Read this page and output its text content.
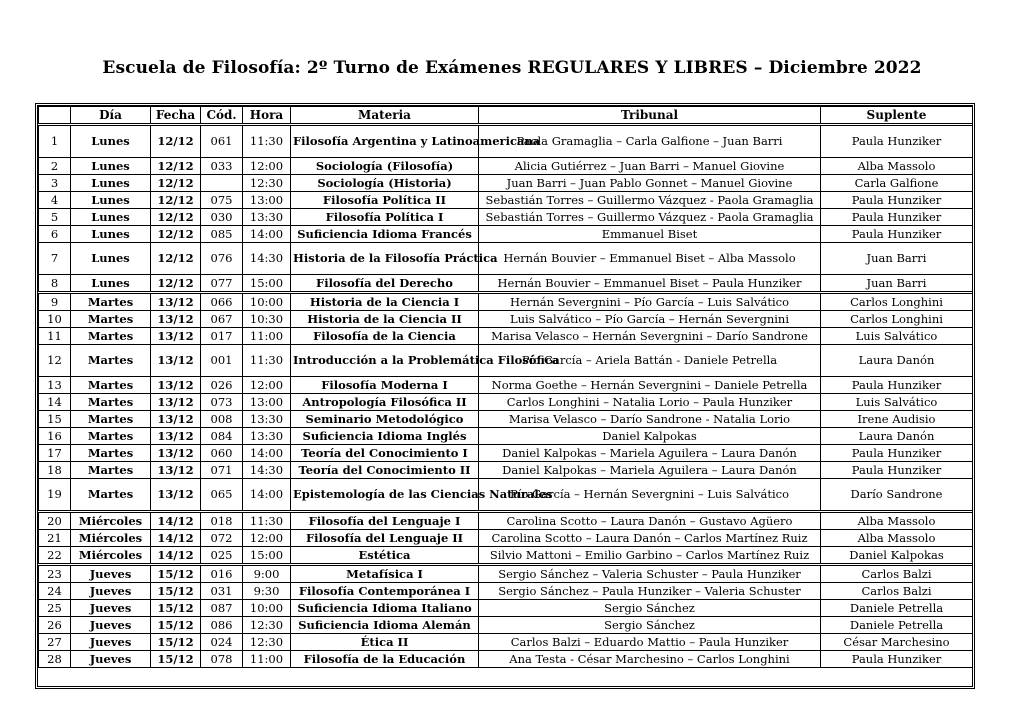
Escuela de Filosofía: 2º Turno de Exámenes REGULARES Y LIBRES – Diciembre 2022
	Día	Fecha	Cód.	Hora	Materia	Tribunal	Suplente
1	Lunes	12/12	061	11:30	Filosofía Argentina y Latinoamericana	Paola Gramaglia – Carla Galfione – Juan Barri	Paula Hunziker
2	Lunes	12/12	033	12:00	Sociología (Filosofía)	Alicia Gutiérrez – Juan Barri – Manuel Giovine	Alba Massolo
3	Lunes	12/12		12:30	Sociología (Historia)	Juan Barri – Juan Pablo Gonnet – Manuel Giovine	Carla Galfione
4	Lunes	12/12	075	13:00	Filosofía Política II	Sebastián Torres – Guillermo Vázquez - Paola Gramaglia	Paula Hunziker
5	Lunes	12/12	030	13:30	Filosofía Política I	Sebastián Torres – Guillermo Vázquez - Paola Gramaglia	Paula Hunziker
6	Lunes	12/12	085	14:00	Suficiencia Idioma Francés	Emmanuel Biset	Paula Hunziker
7	Lunes	12/12	076	14:30	Historia de la Filosofía Práctica	Hernán Bouvier – Emmanuel Biset – Alba Massolo	Juan Barri
8	Lunes	12/12	077	15:00	Filosofía del Derecho	Hernán Bouvier – Emmanuel Biset – Paula Hunziker	Juan Barri
9	Martes	13/12	066	10:00	Historia de la Ciencia I	Hernán Severgnini – Pío García – Luis Salvático	Carlos Longhini
10	Martes	13/12	067	10:30	Historia de la Ciencia II	Luis Salvático – Pío García – Hernán Severgnini	Carlos Longhini
11	Martes	13/12	017	11:00	Filosofía de la Ciencia	Marisa Velasco – Hernán Severgnini – Darío Sandrone	Luis Salvático
12	Martes	13/12	001	11:30	Introducción a la Problemática Filosófica	Pío García – Ariela Battán - Daniele Petrella	Laura Danón
13	Martes	13/12	026	12:00	Filosofía Moderna I	Norma Goethe – Hernán Severgnini – Daniele Petrella	Paula Hunziker
14	Martes	13/12	073	13:00	Antropología Filosófica II	Carlos Longhini – Natalia Lorio – Paula Hunziker	Luis Salvático
15	Martes	13/12	008	13:30	Seminario Metodológico	Marisa Velasco – Darío Sandrone - Natalia Lorio	Irene Audisio
16	Martes	13/12	084	13:30	Suficiencia Idioma Inglés	Daniel Kalpokas	Laura Danón
17	Martes	13/12	060	14:00	Teoría del Conocimiento I	Daniel Kalpokas – Mariela Aguilera – Laura Danón	Paula Hunziker
18	Martes	13/12	071	14:30	Teoría del Conocimiento II	Daniel Kalpokas – Mariela Aguilera – Laura Danón	Paula Hunziker
19	Martes	13/12	065	14:00	Epistemología de las Ciencias Naturales	Pío García – Hernán Severgnini – Luis Salvático	Darío Sandrone
20	Miércoles	14/12	018	11:30	Filosofía del Lenguaje I	Carolina Scotto – Laura Danón – Gustavo Agüero	Alba Massolo
21	Miércoles	14/12	072	12:00	Filosofía del Lenguaje II	Carolina Scotto – Laura Danón – Carlos Martínez Ruiz	Alba Massolo
22	Miércoles	14/12	025	15:00	Estética	Silvio Mattoni – Emilio Garbino – Carlos Martínez Ruiz	Daniel Kalpokas
23	Jueves	15/12	016	9:00	Metafísica I	Sergio Sánchez – Valeria Schuster – Paula Hunziker	Carlos Balzi
24	Jueves	15/12	031	9:30	Filosofía Contemporánea I	Sergio Sánchez – Paula Hunziker – Valeria Schuster	Carlos Balzi
25	Jueves	15/12	087	10:00	Suficiencia Idioma Italiano	Sergio Sánchez	Daniele Petrella
26	Jueves	15/12	086	12:30	Suficiencia Idioma Alemán	Sergio Sánchez	Daniele Petrella
27	Jueves	15/12	024	12:30	Ética II	Carlos Balzi – Eduardo Mattio – Paula Hunziker	César Marchesino
28	Jueves	15/12	078	11:00	Filosofía de la Educación	Ana Testa - César Marchesino – Carlos Longhini	Paula Hunziker
